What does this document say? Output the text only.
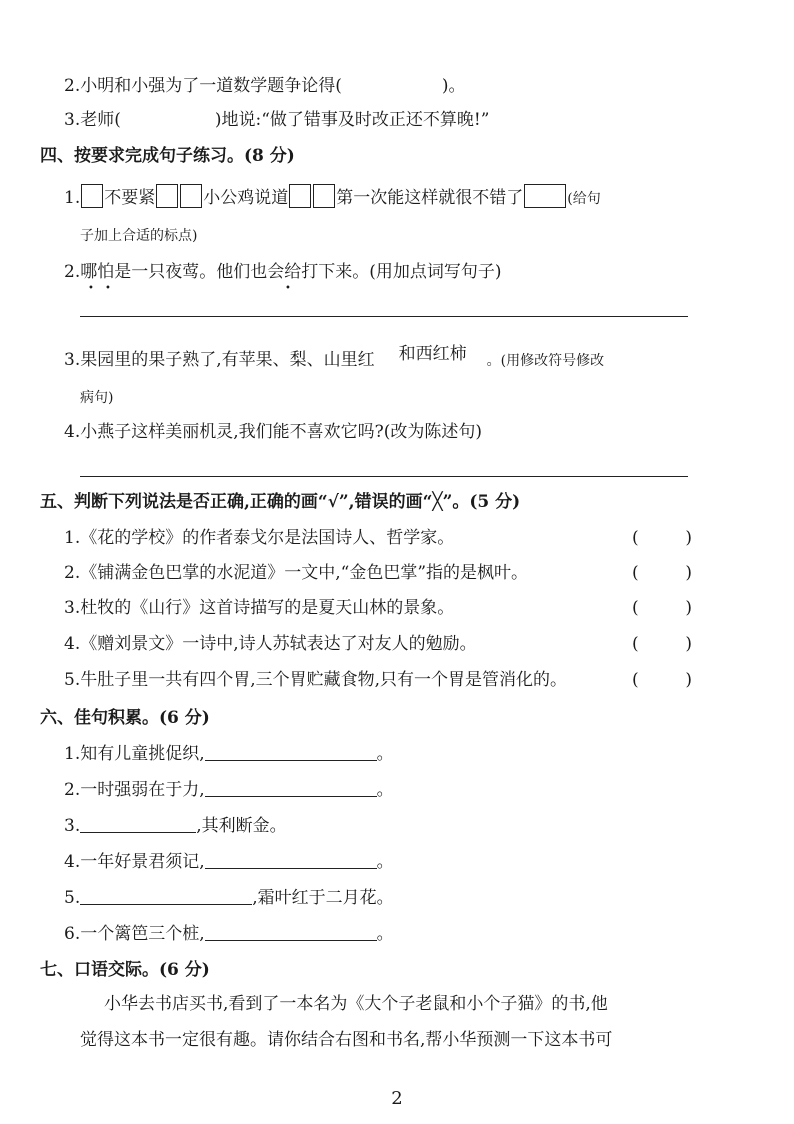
2.小明和小强为了一道数学题争论得(	)。
3.老师(	)地说:“做了错事及时改正还不算晚!”
四、按要求完成句子练习。(8 分)
1. 不要紧	小公鸡说道	第一次能这样就很不错了	(给句
子加上合适的标点)
2.哪怕是一只夜莺。他们也会给打下来。(用加点词写句子)
• •	•
3.果园里的果子熟了,有苹果、梨、山里红 和西红柿 。(用修改符号修改
病句)
4.小燕子这样美丽机灵,我们能不喜欢它吗?(改为陈述句)
五、判断下列说法是否正确,正确的画“√”,错误的画“╳”。(5 分)
1.《花的学校》的作者泰戈尔是法国诗人、哲学家。	(	)
2.《铺满金色巴掌的水泥道》一文中,“金色巴掌”指的是枫叶。	(	)
3.杜牧的《山行》这首诗描写的是夏天山林的景象。	(	)
4.《赠刘景文》一诗中,诗人苏轼表达了对友人的勉励。	(	)
5.牛肚子里一共有四个胃,三个胃贮藏食物,只有一个胃是管消化的。	(	)
六、佳句积累。(6 分)
1.知有儿童挑促织,	。
2.一时强弱在于力,	。
3.	,其利断金。
4.一年好景君须记,	。
5.	,霜叶红于二月花。
6.一个篱笆三个桩,	。
七、口语交际。(6 分)
小华去书店买书,看到了一本名为《大个子老鼠和小个子猫》的书,他
觉得这本书一定很有趣。请你结合右图和书名,帮小华预测一下这本书可
2
